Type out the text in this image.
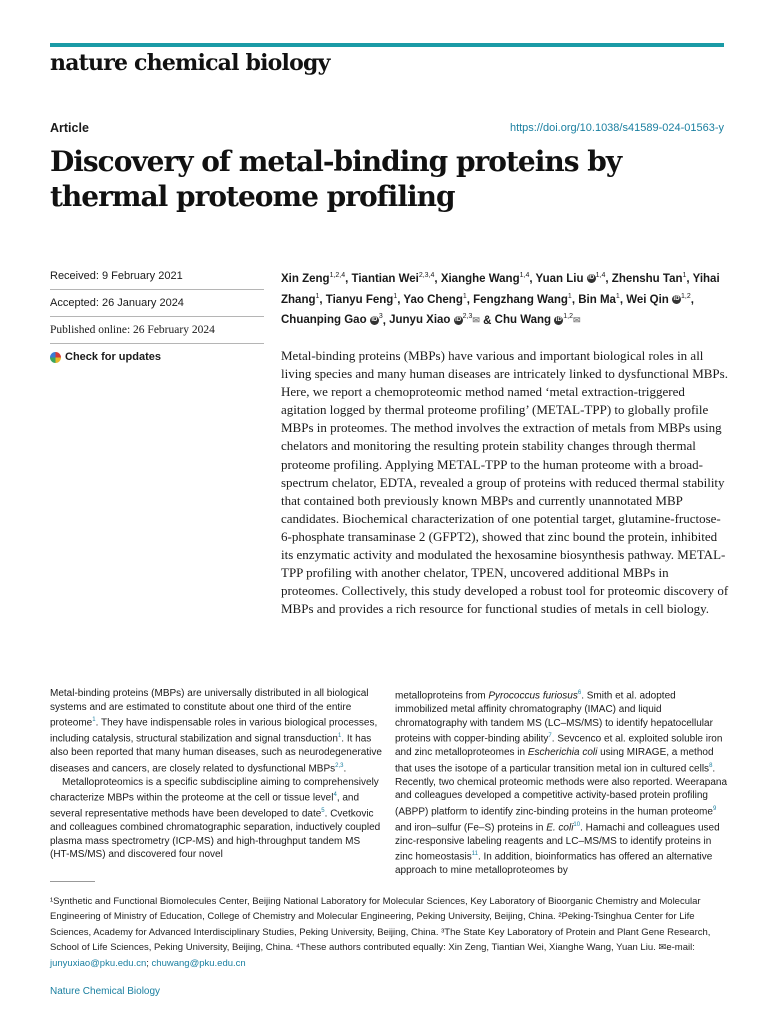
nature chemical biology
Article	https://doi.org/10.1038/s41589-024-01563-y
Discovery of metal-binding proteins by thermal proteome profiling
Received: 9 February 2021
Accepted: 26 January 2024
Published online: 26 February 2024
Check for updates
Xin Zeng$^{1,2,4}$, Tiantian Wei$^{2,3,4}$, Xianghe Wang$^{1,4}$, Yuan Liu iD $^{1,4}$, Zhenshu Tan$^1$, Yihai Zhang$^1$, Tianyu Feng$^1$, Yao Cheng$^1$, Fengzhang Wang$^1$, Bin Ma$^1$, Wei Qin iD $^{1,2}$, Chuanping Gao iD $^3$, Junyu Xiao iD $^{2,3}$✉ & Chu Wang iD $^{1,2}$✉

Metal-binding proteins (MBPs) have various and important biological roles in all living species and many human diseases are intricately linked to dysfunctional MBPs. Here, we report a chemoproteomic method named ‘metal extraction-triggered agitation logged by thermal proteome profiling’ (METAL-TPP) to globally profile MBPs in proteomes. The method involves the extraction of metals from MBPs using chelators and monitoring the resulting protein stability changes through thermal proteome profiling. Applying METAL-TPP to the human proteome with a broad-spectrum chelator, EDTA, revealed a group of proteins with reduced thermal stability that contained both previously known MBPs and currently unannotated MBP candidates. Biochemical characterization of one potential target, glutamine-fructose-6-phosphate transaminase 2 (GFPT2), showed that zinc bound the protein, inhibited its enzymatic activity and modulated the hexosamine biosynthesis pathway. METAL-TPP profiling with another chelator, TPEN, uncovered additional MBPs in proteomes. Collectively, this study developed a robust tool for proteomic discovery of MBPs and provides a rich resource for functional studies of metals in cell biology.

Metal-binding proteins (MBPs) are universally distributed in all biological systems and are estimated to constitute about one third of the entire proteome$^1$. They have indispensable roles in various biological processes, including catalysis, structural stabilization and signal transduction$^1$. It has also been reported that many human diseases, such as neurodegenerative diseases and cancers, are closely related to dysfunctional MBPs$^{2,3}$.

Metalloproteomics is a specific subdiscipline aiming to comprehensively characterize MBPs within the proteome at the cell or tissue level$^4$, and several representative methods have been developed to date$^5$. Cvetkovic and colleagues combined chromatographic separation, inductively coupled plasma mass spectrometry (ICP-MS) and high-throughput tandem MS (HT-MS/MS) and discovered four novel

metalloproteins from Pyrococcus furiosus$^6$. Smith et al. adopted immobilized metal affinity chromatography (IMAC) and liquid chromatography with tandem MS (LC–MS/MS) to identify hepatocellular proteins with copper-binding ability$^7$. Sevcenco et al. exploited soluble iron and zinc metalloproteomes in Escherichia coli using MIRAGE, a method that uses the isotope of a particular transition metal ion in cultured cells$^8$. Recently, two chemical proteomic methods were also reported. Weerapana and colleagues developed a competitive activity-based protein profiling (ABPP) platform to identify zinc-binding proteins in the human proteome$^9$ and iron–sulfur (Fe–S) proteins in E. coli$^{10}$. Hamachi and colleagues used zinc-responsive labeling reagents and LC–MS/MS to identify proteins in zinc homeostasis$^{11}$. In addition, bioinformatics has offered an alternative approach to mine metalloproteomes by

¹Synthetic and Functional Biomolecules Center, Beijing National Laboratory for Molecular Sciences, Key Laboratory of Bioorganic Chemistry and Molecular Engineering of Ministry of Education, College of Chemistry and Molecular Engineering, Peking University, Beijing, China. ²Peking-Tsinghua Center for Life Sciences, Academy for Advanced Interdisciplinary Studies, Peking University, Beijing, China. ³The State Key Laboratory of Protein and Plant Gene Research, School of Life Sciences, Peking University, Beijing, China. ⁴These authors contributed equally: Xin Zeng, Tiantian Wei, Xianghe Wang, Yuan Liu. ✉e-mail: junyuxiao@pku.edu.cn; chuwang@pku.edu.cn

Nature Chemical Biology
